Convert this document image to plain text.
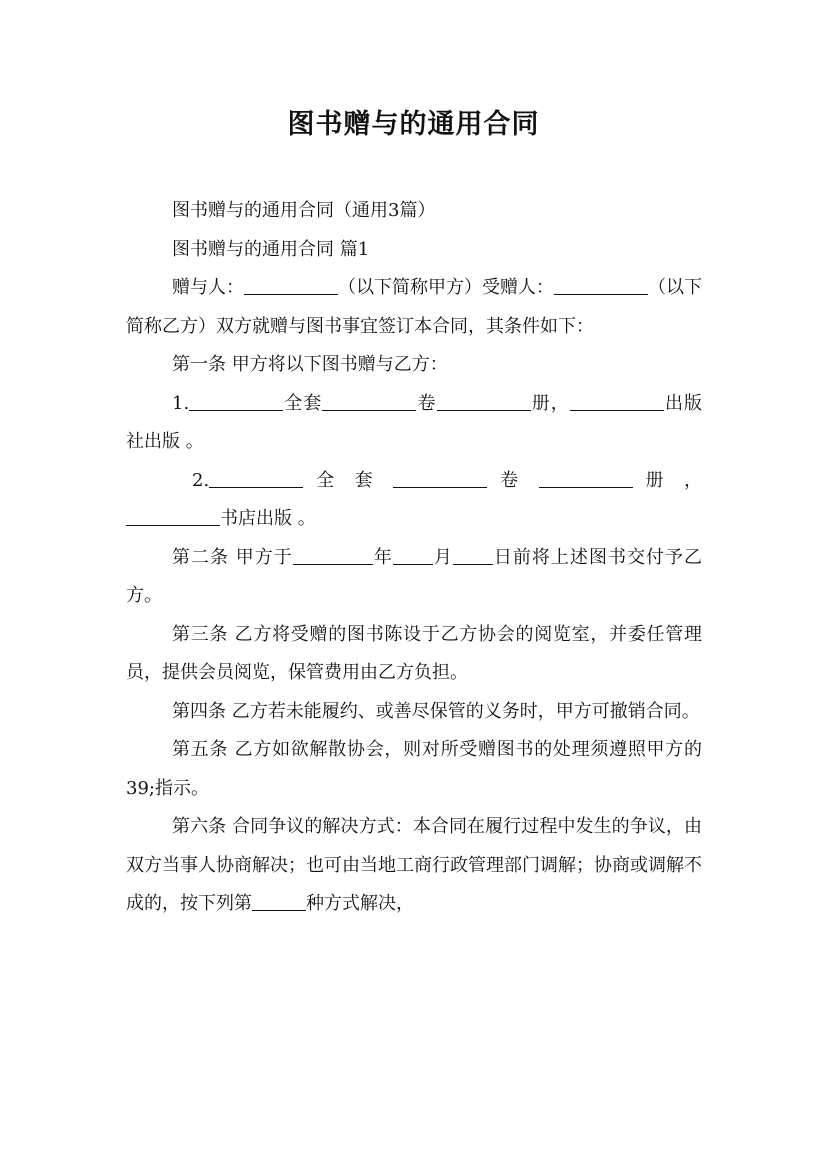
图书赠与的通用合同
图书赠与的通用合同（通用3篇）
图书赠与的通用合同 篇1
赠与人：	（以下简称甲方）受赠人：	（以下简称乙方）双方就赠与图书事宜签订本合同，其条件如下：
第一条 甲方将以下图书赠与乙方：
1.	全套	卷	册，	出版社出版 。
2.	全 套	卷	册 ，
书店出版 。
第二条 甲方于	年 月 日前将上述图书交付予乙方。
第三条 乙方将受赠的图书陈设于乙方协会的阅览室，并委任管理员，提供会员阅览，保管费用由乙方负担。
第四条 乙方若未能履约、或善尽保管的义务时，甲方可撤销合同。
第五条 乙方如欲解散协会，则对所受赠图书的处理须遵照甲方的39;指示。
第六条 合同争议的解决方式：本合同在履行过程中发生的争议，由双方当事人协商解决；也可由当地工商行政管理部门调解；协商或调解不成的，按下列第	种方式解决，
